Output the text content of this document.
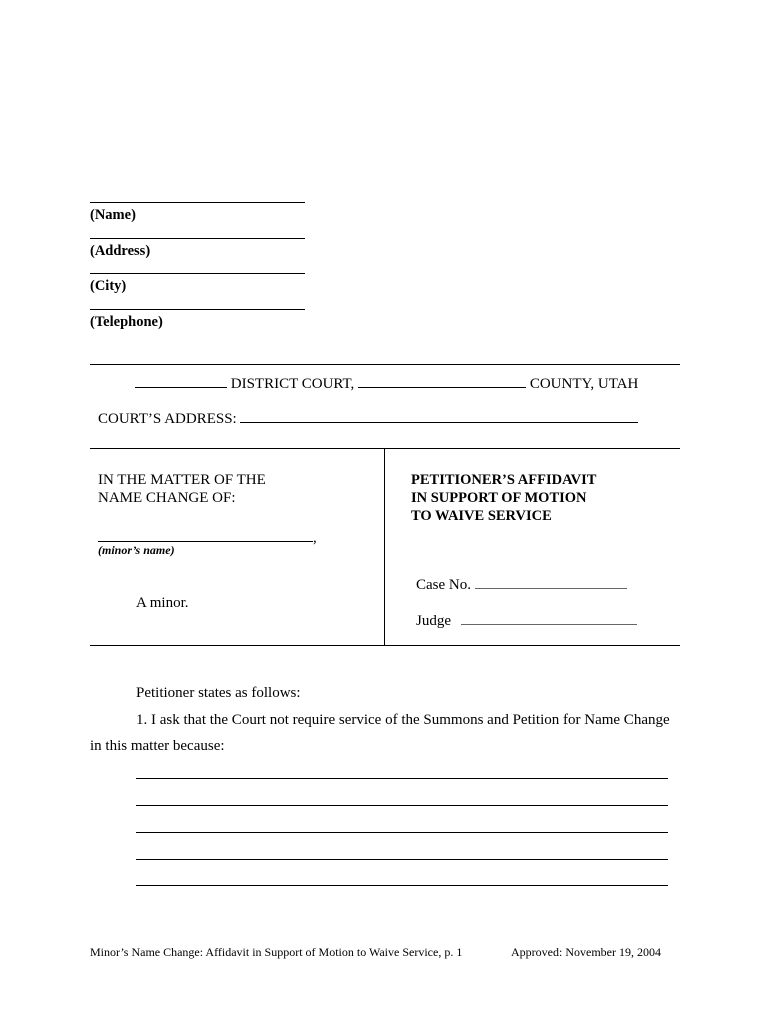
(Name)
(Address)
(City)
(Telephone)
DISTRICT COURT,	COUNTY, UTAH
COURT’S ADDRESS:
IN THE MATTER OF THE
NAME CHANGE OF:
,
(minor’s name)
A minor.
PETITIONER’S AFFIDAVIT
IN SUPPORT OF MOTION
TO WAIVE SERVICE
Case No.
Judge
Petitioner states as follows:
1. I ask that the Court not require service of the Summons and Petition for Name Change
in this matter because:
Minor’s Name Change: Affidavit in Support of Motion to Waive Service, p. 1	Approved: November 19, 2004
